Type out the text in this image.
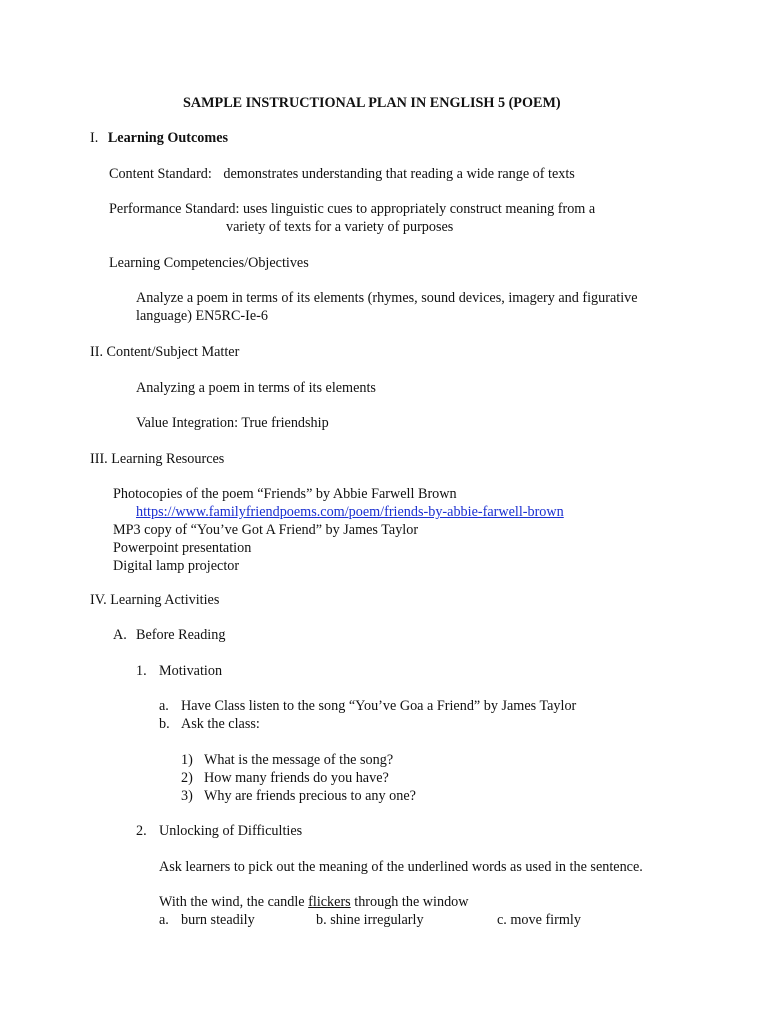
SAMPLE INSTRUCTIONAL PLAN IN ENGLISH 5 (POEM)
I. Learning Outcomes
Content Standard: demonstrates understanding that reading a wide range of texts
Performance Standard: uses linguistic cues to appropriately construct meaning from a
variety of texts for a variety of purposes
Learning Competencies/Objectives
Analyze a poem in terms of its elements (rhymes, sound devices, imagery and figurative
language) EN5RC-Ie-6
II. Content/Subject Matter
Analyzing a poem in terms of its elements
Value Integration: True friendship
III. Learning Resources
Photocopies of the poem “Friends” by Abbie Farwell Brown
https://www.familyfriendpoems.com/poem/friends-by-abbie-farwell-brown
MP3 copy of “You’ve Got A Friend” by James Taylor
Powerpoint presentation
Digital lamp projector
IV. Learning Activities
A. Before Reading
1. Motivation
a. Have Class listen to the song “You’ve Goa a Friend” by James Taylor
b. Ask the class:
1) What is the message of the song?
2) How many friends do you have?
3) Why are friends precious to any one?
2. Unlocking of Difficulties
Ask learners to pick out the meaning of the underlined words as used in the sentence.
With the wind, the candle flickers through the window
a. burn steadily	b. shine irregularly	c. move firmly
